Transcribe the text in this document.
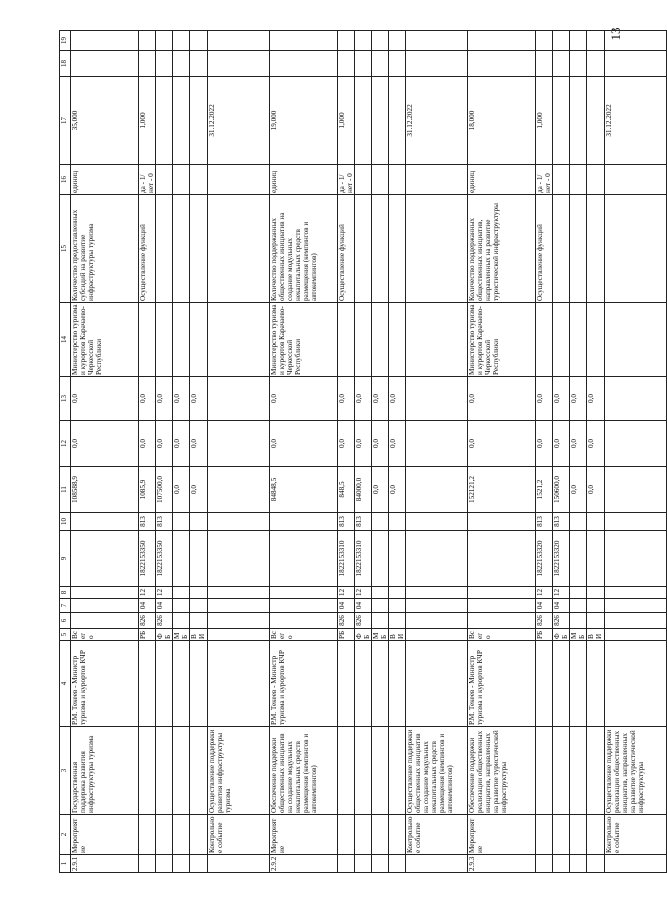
13
1	2	3	4	5	6	7	8	9	10	11	12	13	14	15	16	17	18	19
2.9.1	Мероприятие	Государственная поддержка развития инфраструктуры туризма	Р.М. Текеев - Министр туризма и курортов КЧР	Всего						108588,9	0,0	0,0	Министерство туризма и курортов Карачаево-Черкесской Республики	Количество предоставленных субсидий на развитие инфраструктуры туризма	единиц	35,000		
				РБ	826	04	12	1822153350	813	1085,9	0,0	0,0		Осуществление функций	да - 1/ нет - 0	1,000		
				ФБ	826	04	12	1822153350	813	107500,0	0,0	0,0						
				МБ						0,0	0,0	0,0						
				ВИ						0,0	0,0	0,0						
	Контрольное событие	Осуществление поддержки развития инфраструктуры туризма														31.12.2022		
2.9.2	Мероприятие	Обеспечение поддержки общественных инициатив на создание модульных некапитальных средств размещения (кемпингов и автокемпингов)	Р.М. Текеев - Министр туризма и курортов КЧР	Всего						84848,5	0,0	0,0	Министерство туризма и курортов Карачаево-Черкесской Республики	Количество поддержанных общественных инициатив на создание модульных некапитальных средств размещения (кемпингов и автокемпингов)	единиц	19,000		
				РБ	826	04	12	1822153310	813	848,5	0,0	0,0		Осуществление функций	да - 1/ нет - 0	1,000		
				ФБ	826	04	12	1822153310	813	84000,0	0,0	0,0						
				МБ						0,0	0,0	0,0						
				ВИ						0,0	0,0	0,0						
	Контрольное событие	Осуществление поддержки общественных инициатив на создание модульных некапитальных средств размещения (кемпингов и автокемпингов)														31.12.2022		
2.9.3	Мероприятие	Обеспечение поддержки реализации общественных инициатив, направленных на развитие туристической инфраструктуры	Р.М. Текеев - Министр туризма и курортов КЧР	Всего						152121,2	0,0	0,0	Министерство туризма и курортов Карачаево-Черкесской Республики	Количество поддержанных общественных инициатив, направленных на развитие туристической инфраструктуры	единиц	18,000		
				РБ	826	04	12	1822153320	813	1521,2	0,0	0,0		Осуществление функций	да - 1/ нет - 0	1,000		
				ФБ	826	04	12	1822153320	813	150600,0	0,0	0,0						
				МБ						0,0	0,0	0,0						
				ВИ						0,0	0,0	0,0						
	Контрольное событие	Осуществление поддержки реализации общественных инициатив, направленных на развитие туристической инфраструктуры														31.12.2022		
